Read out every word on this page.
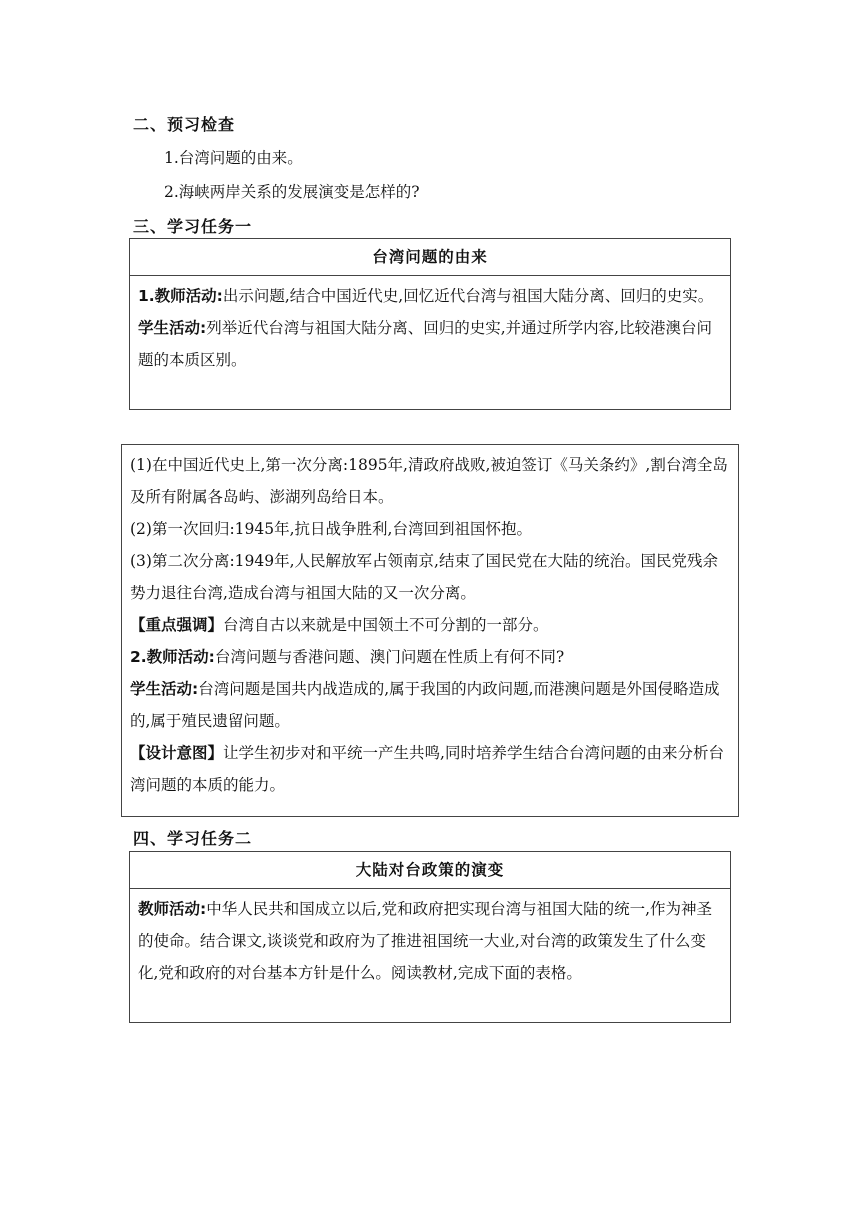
二、预习检查
1.台湾问题的由来。
2.海峡两岸关系的发展演变是怎样的?
三、学习任务一
台湾问题的由来

1.教师活动:出示问题,结合中国近代史,回忆近代台湾与祖国大陆分离、回归的史实。

学生活动:列举近代台湾与祖国大陆分离、回归的史实,并通过所学内容,比较港澳台问题的本质区别。

(1)在中国近代史上,第一次分离:1895年,清政府战败,被迫签订《马关条约》,割台湾全岛及所有附属各岛屿、澎湖列岛给日本。

(2)第一次回归:1945年,抗日战争胜利,台湾回到祖国怀抱。

(3)第二次分离:1949年,人民解放军占领南京,结束了国民党在大陆的统治。国民党残余势力退往台湾,造成台湾与祖国大陆的又一次分离。

【重点强调】台湾自古以来就是中国领土不可分割的一部分。

2.教师活动:台湾问题与香港问题、澳门问题在性质上有何不同?

学生活动:台湾问题是国共内战造成的,属于我国的内政问题,而港澳问题是外国侵略造成的,属于殖民遗留问题。

【设计意图】让学生初步对和平统一产生共鸣,同时培养学生结合台湾问题的由来分析台湾问题的本质的能力。

四、学习任务二
大陆对台政策的演变

教师活动:中华人民共和国成立以后,党和政府把实现台湾与祖国大陆的统一,作为神圣的使命。结合课文,谈谈党和政府为了推进祖国统一大业,对台湾的政策发生了什么变化,党和政府的对台基本方针是什么。阅读教材,完成下面的表格。
